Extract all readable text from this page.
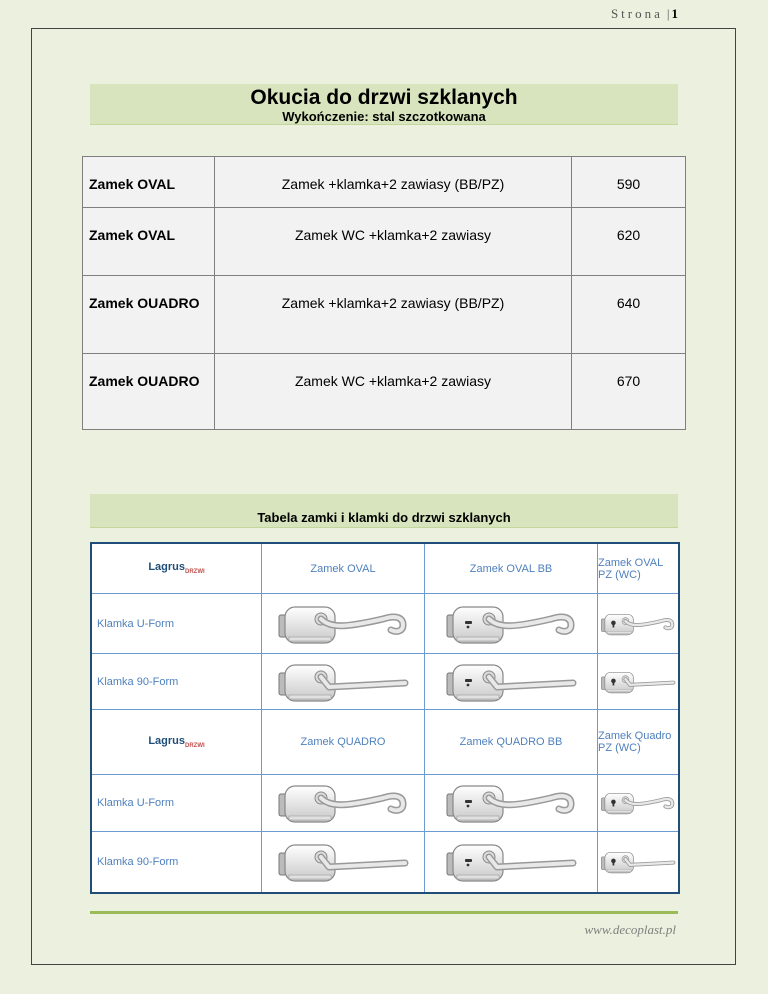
Strona | 1
Okucia do drzwi szklanych
Wykończenie: stal szczotkowana
Zamek OVAL	Zamek +klamka+2 zawiasy (BB/PZ)	590
Zamek OVAL	Zamek WC +klamka+2 zawiasy	620
Zamek OUADRO	Zamek +klamka+2 zawiasy (BB/PZ)	640
Zamek OUADRO	Zamek WC +klamka+2 zawiasy	670
Tabela zamki i klamki do drzwi szklanych
Lagrus$_{DRZWI}$	Zamek OVAL	Zamek OVAL BB	Zamek OVAL PZ (WC)
Klamka U-Form
Klamka 90-Form
Lagrus$_{DRZWI}$	Zamek QUADRO	Zamek QUADRO BB	Zamek Quadro PZ (WC)
Klamka U-Form
Klamka 90-Form
www.decoplast.pl
